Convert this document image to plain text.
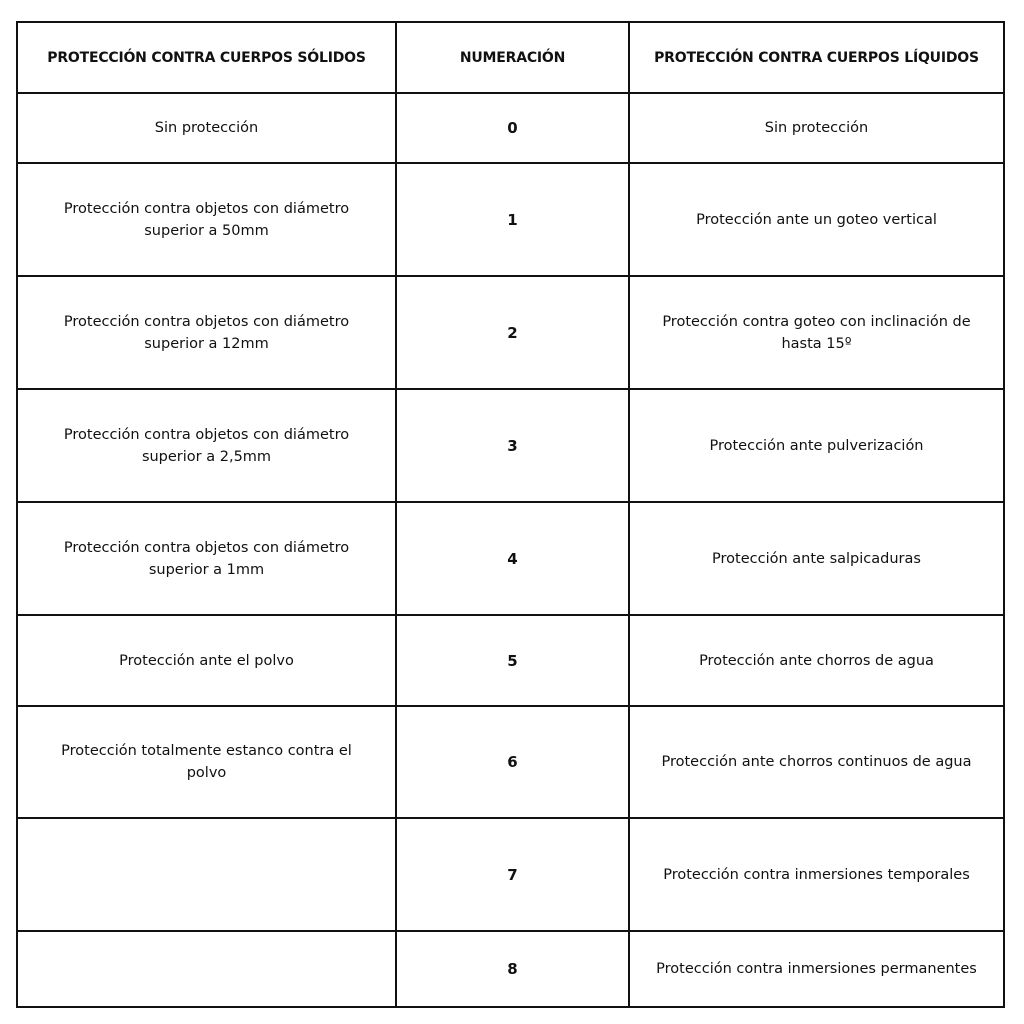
PROTECCIÓN CONTRA CUERPOS SÓLIDOS	NUMERACIÓN	PROTECCIÓN CONTRA CUERPOS LÍQUIDOS
Sin protección	0	Sin protección
Protección contra objetos con diámetro superior a 50mm	1	Protección ante un goteo vertical
Protección contra objetos con diámetro superior a 12mm	2	Protección contra goteo con inclinación de hasta 15º
Protección contra objetos con diámetro superior a 2,5mm	3	Protección ante pulverización
Protección contra objetos con diámetro superior a 1mm	4	Protección ante salpicaduras
Protección ante el polvo	5	Protección ante chorros de agua
Protección totalmente estanco contra el polvo	6	Protección ante chorros continuos de agua
	7	Protección contra inmersiones temporales
	8	Protección contra inmersiones permanentes
